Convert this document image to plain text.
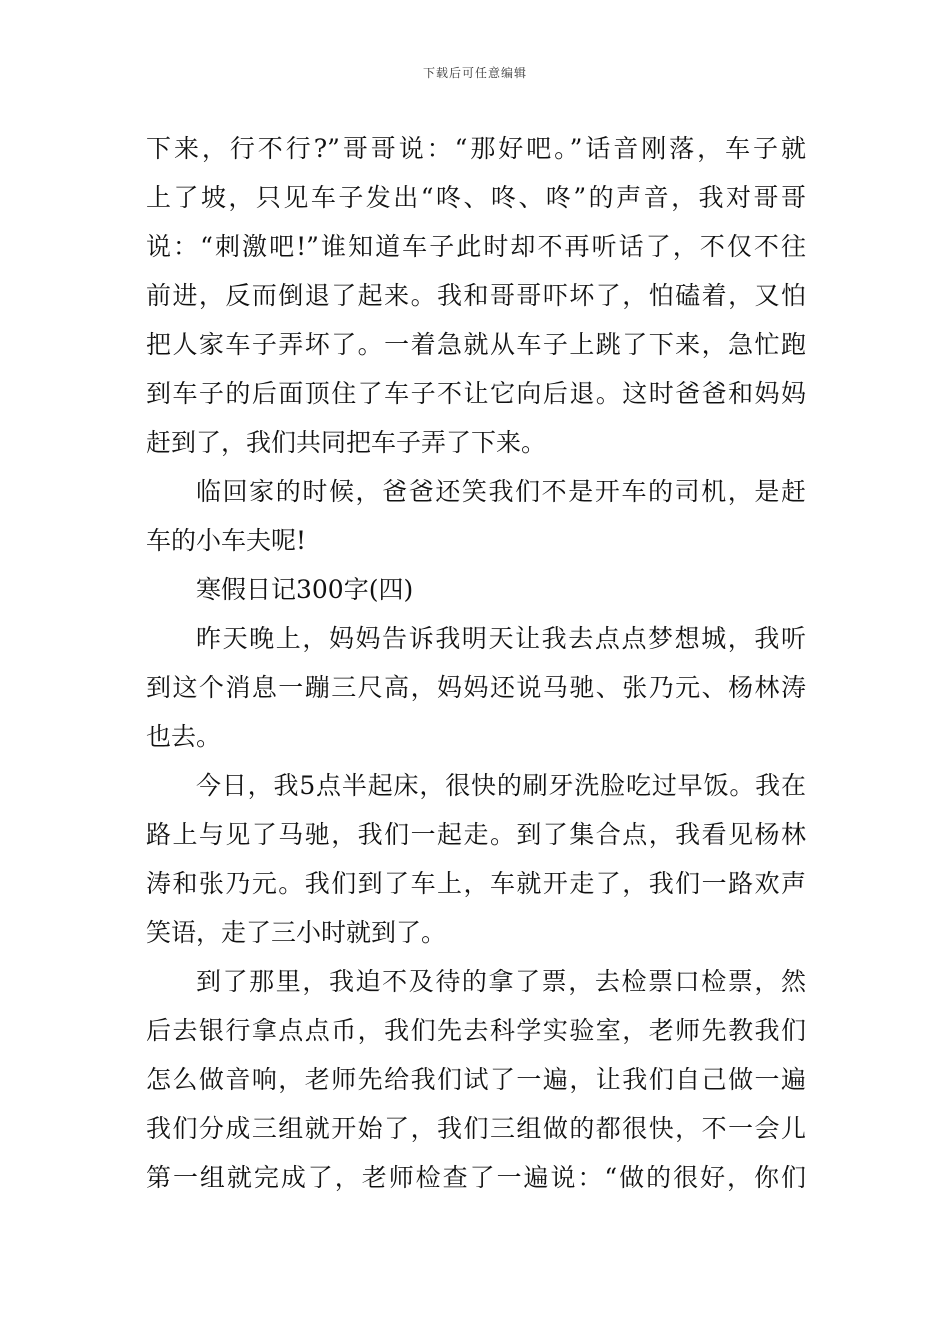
下载后可任意编辑
下来，行不行?”哥哥说：“那好吧。”话音刚落，车子就
上了坡，只见车子发出“咚、咚、咚”的声音，我对哥哥
说：“刺激吧!”谁知道车子此时却不再听话了，不仅不往
前进，反而倒退了起来。我和哥哥吓坏了，怕磕着，又怕
把人家车子弄坏了。一着急就从车子上跳了下来，急忙跑
到车子的后面顶住了车子不让它向后退。这时爸爸和妈妈
赶到了，我们共同把车子弄了下来。
临回家的时候，爸爸还笑我们不是开车的司机，是赶
车的小车夫呢!
寒假日记300字(四)
昨天晚上，妈妈告诉我明天让我去点点梦想城，我听
到这个消息一蹦三尺高，妈妈还说马驰、张乃元、杨林涛
也去。
今日，我5点半起床，很快的刷牙洗脸吃过早饭。我在
路上与见了马驰，我们一起走。到了集合点，我看见杨林
涛和张乃元。我们到了车上，车就开走了，我们一路欢声
笑语，走了三小时就到了。
到了那里，我迫不及待的拿了票，去检票口检票，然
后去银行拿点点币，我们先去科学实验室，老师先教我们
怎么做音响，老师先给我们试了一遍，让我们自己做一遍
我们分成三组就开始了，我们三组做的都很快，不一会儿
第一组就完成了，老师检查了一遍说：“做的很好，你们
